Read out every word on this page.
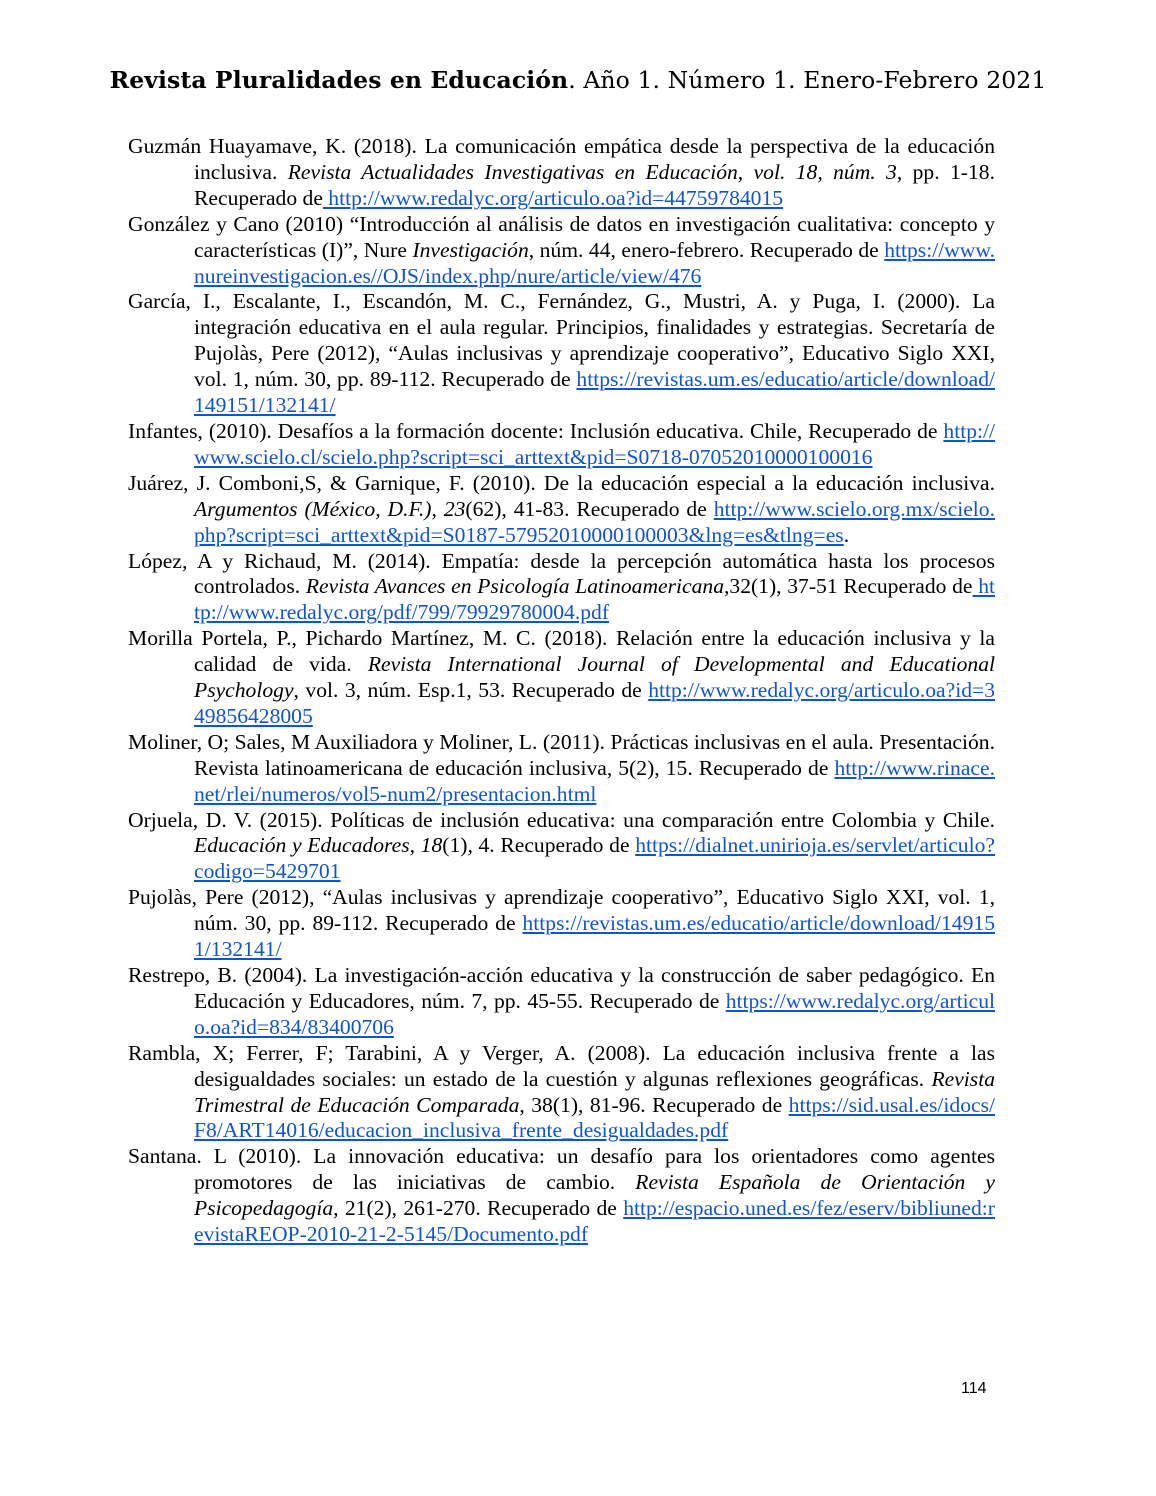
Revista Pluralidades en Educación. Año 1. Número 1. Enero-Febrero 2021

Guzmán Huayamave, K. (2018). La comunicación empática desde la perspectiva de la educación inclusiva. Revista Actualidades Investigativas en Educación, vol. 18, núm. 3, pp. 1-18. Recuperado de http://www.redalyc.org/articulo.oa?id=44759784015

González y Cano (2010) “Introducción al análisis de datos en investigación cualitativa: concepto y características (I)”, Nure Investigación, núm. 44, enero-febrero. Recuperado de https://www.nureinvestigacion.es//OJS/index.php/nure/article/view/476

García, I., Escalante, I., Escandón, M. C., Fernández, G., Mustri, A. y Puga, I. (2000). La integración educativa en el aula regular. Principios, finalidades y estrategias. Secretaría de Pujolàs, Pere (2012), “Aulas inclusivas y aprendizaje cooperativo”, Educativo Siglo XXI, vol. 1, núm. 30, pp. 89-112. Recuperado de https://revistas.um.es/educatio/article/download/149151/132141/

Infantes, (2010). Desafíos a la formación docente: Inclusión educativa. Chile, Recuperado de http://www.scielo.cl/scielo.php?script=sci_arttext&pid=S0718-07052010000100016

Juárez, J. Comboni,S, & Garnique, F. (2010). De la educación especial a la educación inclusiva. Argumentos (México, D.F.), 23(62), 41-83. Recuperado de http://www.scielo.org.mx/scielo.php?script=sci_arttext&pid=S0187-57952010000100003&lng=es&tlng=es.

López, A y Richaud, M. (2014). Empatía: desde la percepción automática hasta los procesos controlados. Revista Avances en Psicología Latinoamericana,32(1), 37-51 Recuperado de http://www.redalyc.org/pdf/799/79929780004.pdf

Morilla Portela, P., Pichardo Martínez, M. C. (2018). Relación entre la educación inclusiva y la calidad de vida. Revista International Journal of Developmental and Educational Psychology, vol. 3, núm. Esp.1, 53. Recuperado de http://www.redalyc.org/articulo.oa?id=349856428005

Moliner, O; Sales, M Auxiliadora y Moliner, L. (2011). Prácticas inclusivas en el aula. Presentación. Revista latinoamericana de educación inclusiva, 5(2), 15. Recuperado de http://www.rinace.net/rlei/numeros/vol5-num2/presentacion.html

Orjuela, D. V. (2015). Políticas de inclusión educativa: una comparación entre Colombia y Chile. Educación y Educadores, 18(1), 4. Recuperado de https://dialnet.unirioja.es/servlet/articulo?codigo=5429701

Pujolàs, Pere (2012), “Aulas inclusivas y aprendizaje cooperativo”, Educativo Siglo XXI, vol. 1, núm. 30, pp. 89-112. Recuperado de https://revistas.um.es/educatio/article/download/149151/132141/

Restrepo, B. (2004). La investigación-acción educativa y la construcción de saber pedagógico. En Educación y Educadores, núm. 7, pp. 45-55. Recuperado de https://www.redalyc.org/articulo.oa?id=834/83400706

Rambla, X; Ferrer, F; Tarabini, A y Verger, A. (2008). La educación inclusiva frente a las desigualdades sociales: un estado de la cuestión y algunas reflexiones geográficas. Revista Trimestral de Educación Comparada, 38(1), 81-96. Recuperado de https://sid.usal.es/idocs/F8/ART14016/educacion_inclusiva_frente_desigualdades.pdf

Santana. L (2010). La innovación educativa: un desafío para los orientadores como agentes promotores de las iniciativas de cambio. Revista Española de Orientación y Psicopedagogía, 21(2), 261-270. Recuperado de http://espacio.uned.es/fez/eserv/bibliuned:revistaREOP-2010-21-2-5145/Documento.pdf

114
